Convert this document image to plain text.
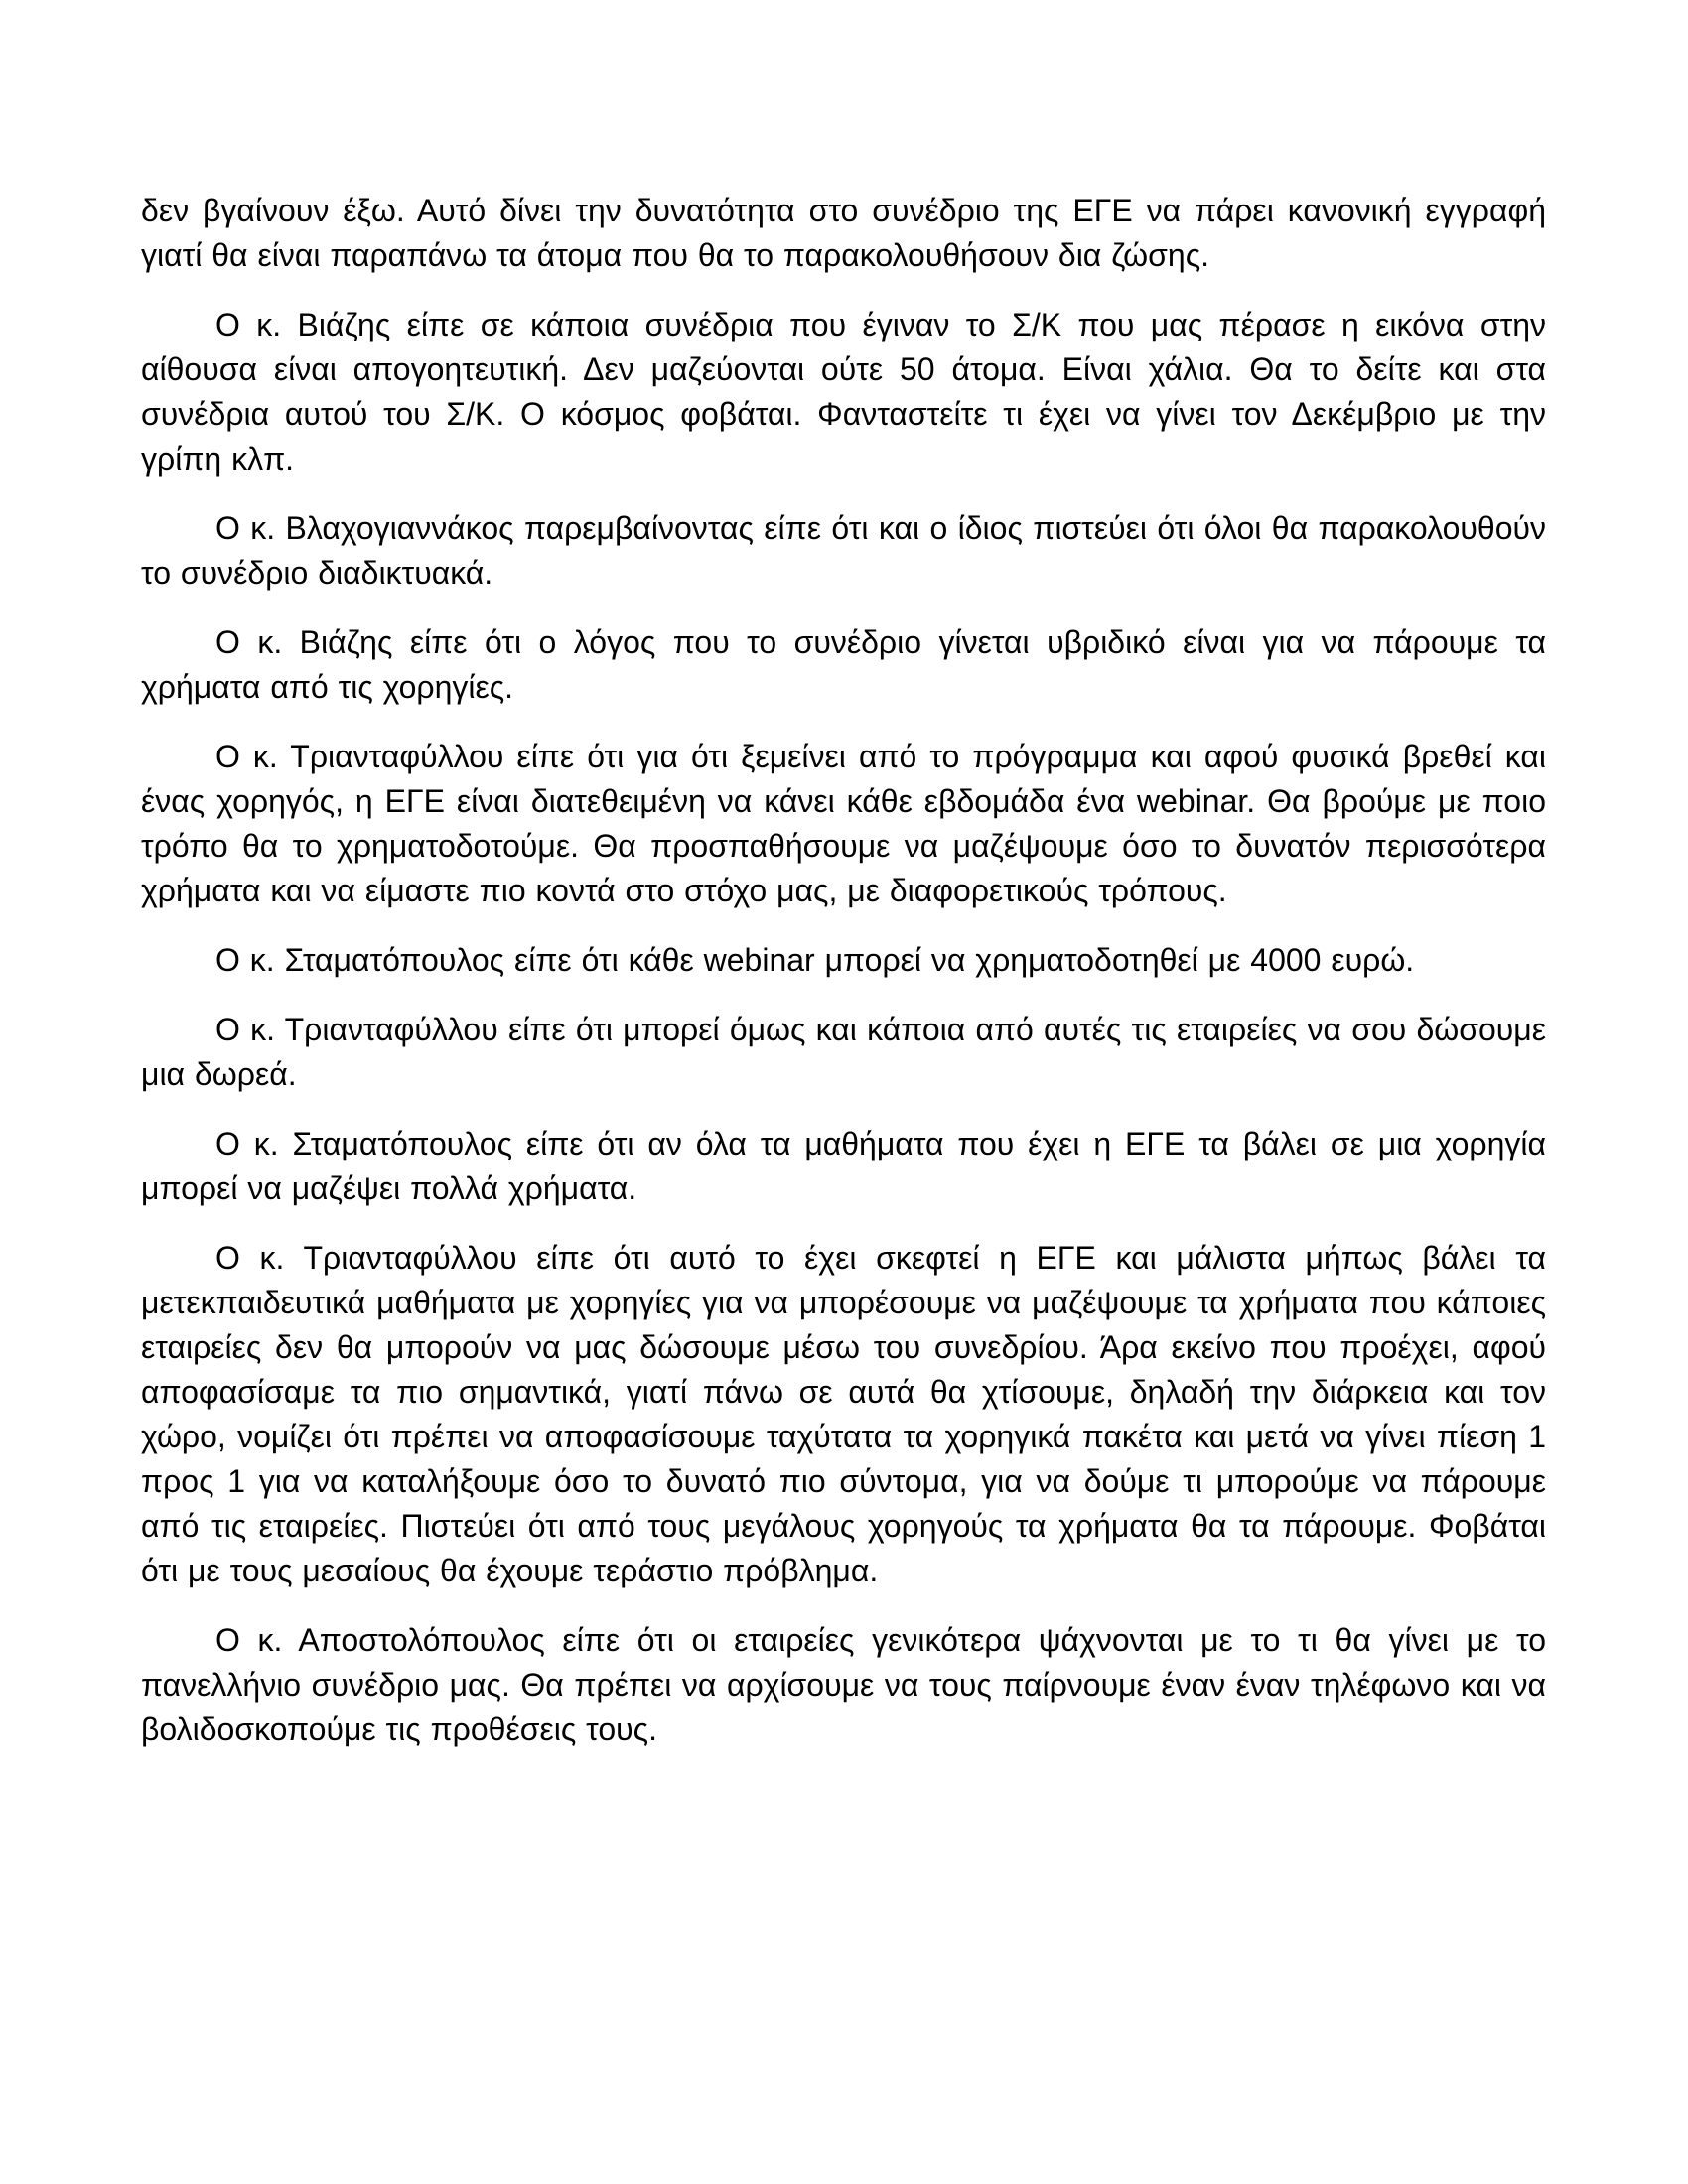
δεν βγαίνουν έξω. Αυτό δίνει την δυνατότητα στο συνέδριο της ΕΓΕ να πάρει κανονική εγγραφή γιατί θα είναι παραπάνω τα άτομα που θα το παρακολουθήσουν δια ζώσης.

Ο κ. Βιάζης είπε σε κάποια συνέδρια που έγιναν το Σ/Κ που μας πέρασε η εικόνα στην αίθουσα είναι απογοητευτική. Δεν μαζεύονται ούτε 50 άτομα. Είναι χάλια. Θα το δείτε και στα συνέδρια αυτού του Σ/Κ. Ο κόσμος φοβάται. Φανταστείτε τι έχει να γίνει τον Δεκέμβριο με την γρίπη κλπ.

Ο κ. Βλαχογιαννάκος παρεμβαίνοντας είπε ότι και ο ίδιος πιστεύει ότι όλοι θα παρακολουθούν το συνέδριο διαδικτυακά.

Ο κ. Βιάζης είπε ότι ο λόγος που το συνέδριο γίνεται υβριδικό είναι για να πάρουμε τα χρήματα από τις χορηγίες.

Ο κ. Τριανταφύλλου είπε ότι για ότι ξεμείνει από το πρόγραμμα και αφού φυσικά βρεθεί και ένας χορηγός, η ΕΓΕ είναι διατεθειμένη να κάνει κάθε εβδομάδα ένα webinar. Θα βρούμε με ποιο τρόπο θα το χρηματοδοτούμε. Θα προσπαθήσουμε να μαζέψουμε όσο το δυνατόν περισσότερα χρήματα και να είμαστε πιο κοντά στο στόχο μας, με διαφορετικούς τρόπους.

Ο κ. Σταματόπουλος είπε ότι κάθε webinar μπορεί να χρηματοδοτηθεί με 4000 ευρώ.

Ο κ. Τριανταφύλλου είπε ότι μπορεί όμως και κάποια από αυτές τις εταιρείες να σου δώσουμε μια δωρεά.

Ο κ. Σταματόπουλος είπε ότι αν όλα τα μαθήματα που έχει η ΕΓΕ τα βάλει σε μια χορηγία μπορεί να μαζέψει πολλά χρήματα.

Ο κ. Τριανταφύλλου είπε ότι αυτό το έχει σκεφτεί η ΕΓΕ και μάλιστα μήπως βάλει τα μετεκπαιδευτικά μαθήματα με χορηγίες για να μπορέσουμε να μαζέψουμε τα χρήματα που κάποιες εταιρείες δεν θα μπορούν να μας δώσουμε μέσω του συνεδρίου. Άρα εκείνο που προέχει, αφού αποφασίσαμε τα πιο σημαντικά, γιατί πάνω σε αυτά θα χτίσουμε, δηλαδή την διάρκεια και τον χώρο, νομίζει ότι πρέπει να αποφασίσουμε ταχύτατα τα χορηγικά πακέτα και μετά να γίνει πίεση 1 προς 1 για να καταλήξουμε όσο το δυνατό πιο σύντομα, για να δούμε τι μπορούμε να πάρουμε από τις εταιρείες. Πιστεύει ότι από τους μεγάλους χορηγούς τα χρήματα θα τα πάρουμε. Φοβάται ότι με τους μεσαίους θα έχουμε τεράστιο πρόβλημα.

Ο κ. Αποστολόπουλος είπε ότι οι εταιρείες γενικότερα ψάχνονται με το τι θα γίνει με το πανελλήνιο συνέδριο μας. Θα πρέπει να αρχίσουμε να τους παίρνουμε έναν έναν τηλέφωνο και να βολιδοσκοπούμε τις προθέσεις τους.
